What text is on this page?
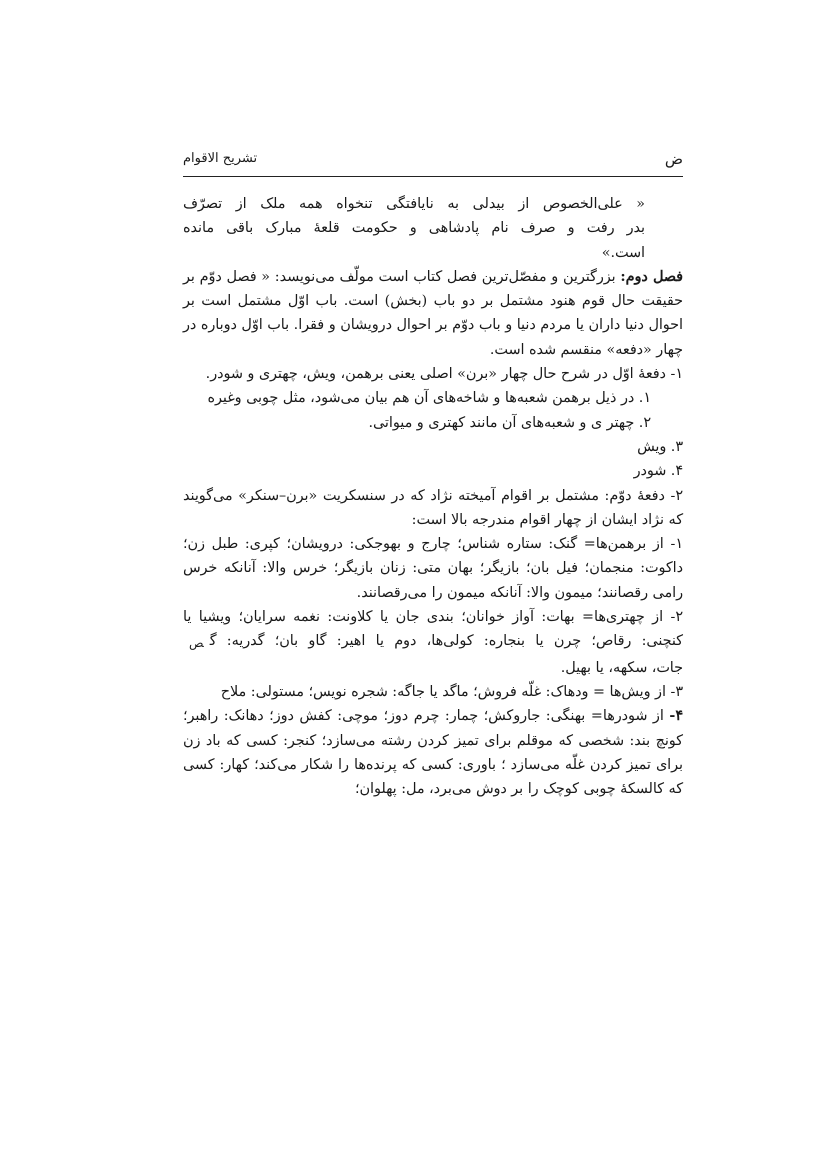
ض
تشریح الاقوام
« علی‌الخصوص از بیدلی به نایافتگی تنخواه همه ملک از تصرّف
بدر رفت و صرف نام پادشاهی و حکومت قلعهٔ مبارک باقی مانده
است.»

فصل دوم: بزرگترین و مفصّل‌ترین فصل کتاب است مولّف می‌نویسد: « فصل دوّم بر حقیقت حال قوم هنود مشتمل بر دو باب (بخش) است. باب اوّل مشتمل است بر احوال دنیا داران یا مردم دنیا و باب دوّم بر احوال درویشان و فقرا. باب اوّل دوباره در چهار «دفعه» منقسم شده است.

۱- دفعهٔ اوّل در شرح حال چهار «برن» اصلی یعنی برهمن، ویش، چهتری و شودر.

۱. در ذیل برهمن شعبه‌ها و شاخه‌های آن هم بیان می‌شود، مثل چوبی وغیره

۲. چهتر ی و شعبه‌های آن مانند کهتری و میواتی.

۳. ویش

۴. شودر

۲- دفعهٔ دوّم: مشتمل بر اقوام آمیخته نژاد که در سنسکریت «برن–سنکر» می‌گویند که نژاد ایشان از چهار اقوام مندرجه بالا است:

۱- از برهمن‌ها= گنک: ستاره شناس؛ چارج و بهوجکی: درویشان؛ کپری: طبل زن؛ داکوت: منجمان؛ فیل بان؛ بازیگر؛ بهان متی: زنان بازیگر؛ خرس والا: آنانکه خرس رامی رقصانند؛ میمون والا: آنانکه میمون را می‌رقصانند.

۲- از چهتری‌ها= بهات: آواز خوانان؛ بندی جان یا کلاونت: نغمه سرایان؛ ویشیا یا کنچنی: رقاص؛ چرن یا بنجاره: کولی‌ها، دوم یا اهیر: گاو بان؛ گدریه: گص

جات، سکهه، یا بهیل.

۳- از ویش‌ها = ودهاک: غلّه فروش؛ ماگد یا جاگه: شجره نویس؛ مستولی: ملاح

۴- از شودرها= بهنگی: جاروکش؛ چمار: چرم دوز؛ موچی: کفش دوز؛ دهانک: راهبر؛ کونچ بند: شخصی که موقلم برای تمیز کردن رشته می‌سازد؛ کنجر: کسی که باد زن برای تمیز کردن غلّه می‌سازد ؛ باوری: کسی که پرنده‌ها را شکار می‌کند؛ کهار: کسی که کالسکهٔ چوبی کوچک را بر دوش می‌برد، مل: پهلوان؛
